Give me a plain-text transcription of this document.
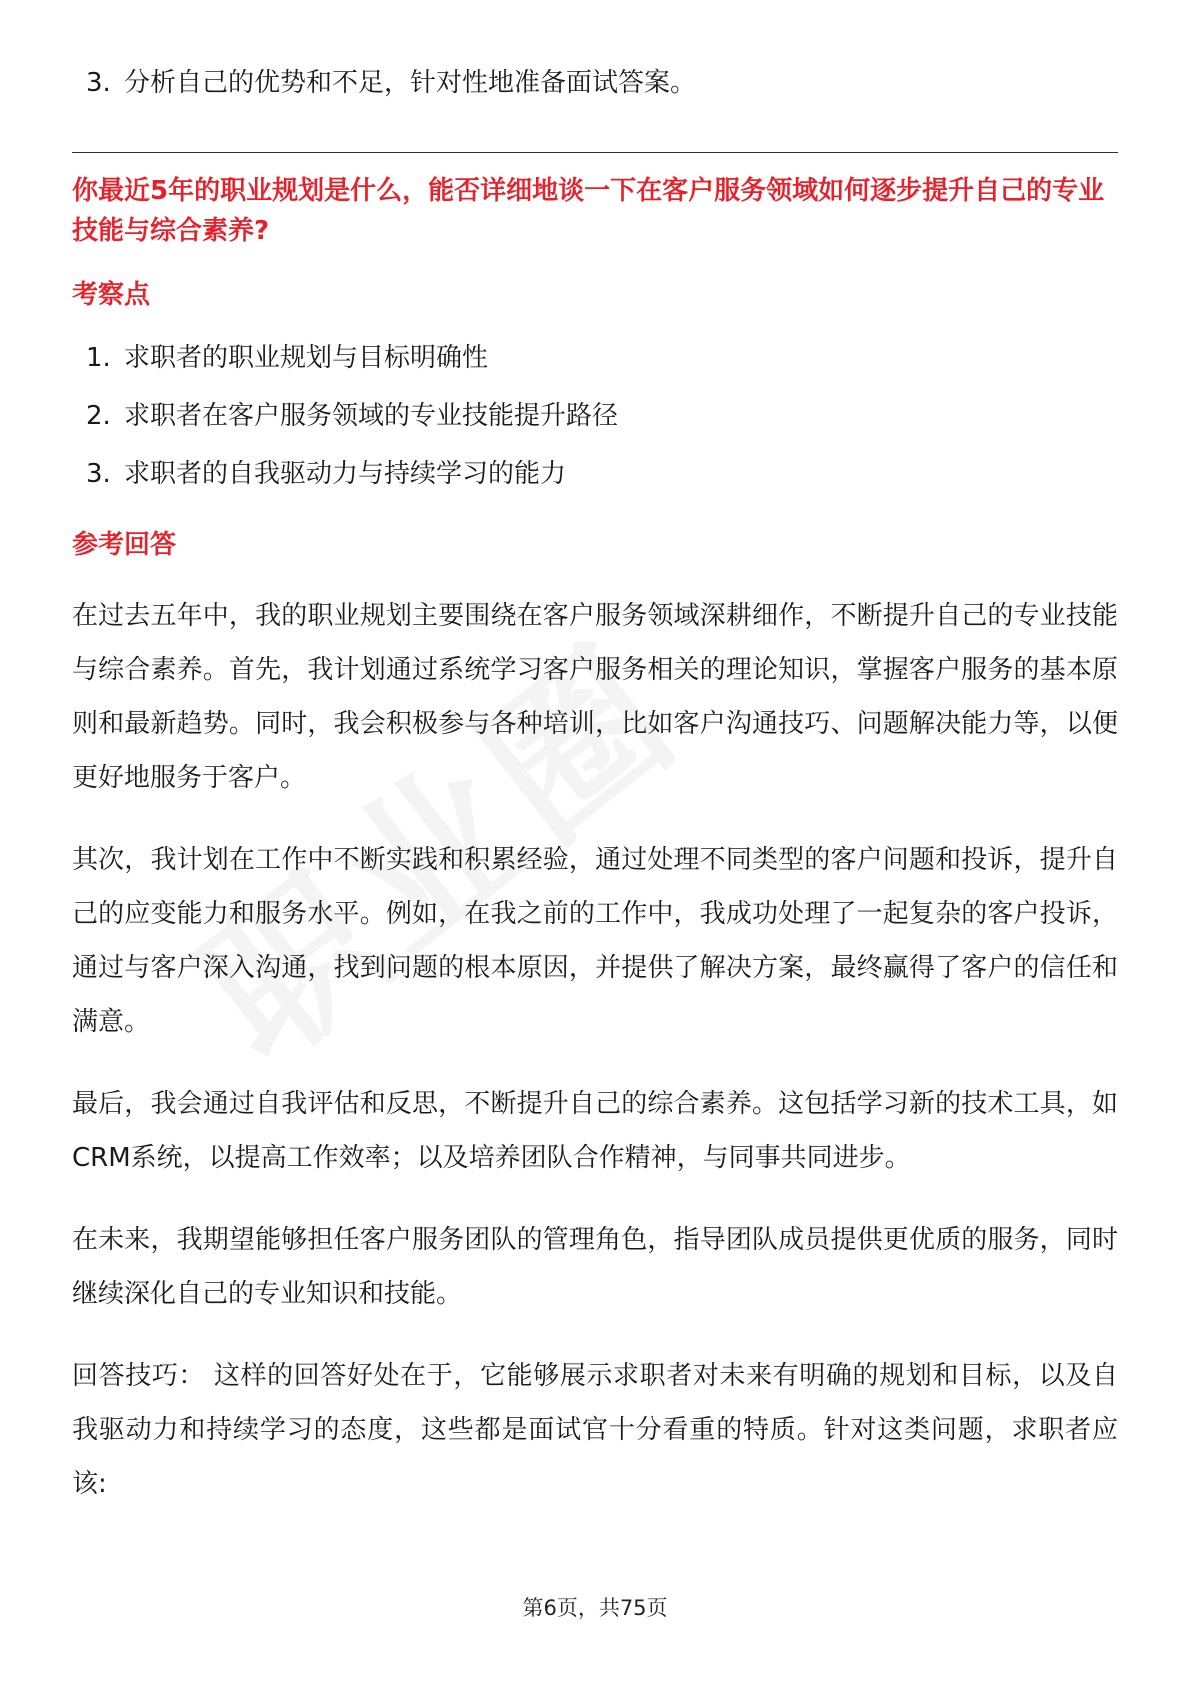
3. 分析自己的优势和不足，针对性地准备面试答案。

你最近5年的职业规划是什么，能否详细地谈一下在客户服务领域如何逐步提升自己的专业技能与综合素养?

考察点
1. 求职者的职业规划与目标明确性
2. 求职者在客户服务领域的专业技能提升路径
3. 求职者的自我驱动力与持续学习的能力
参考回答

在过去五年中，我的职业规划主要围绕在客户服务领域深耕细作，不断提升自己的专业技能与综合素养。首先，我计划通过系统学习客户服务相关的理论知识，掌握客户服务的基本原则和最新趋势。同时，我会积极参与各种培训，比如客户沟通技巧、问题解决能力等，以便更好地服务于客户。

其次，我计划在工作中不断实践和积累经验，通过处理不同类型的客户问题和投诉，提升自己的应变能力和服务水平。例如，在我之前的工作中，我成功处理了一起复杂的客户投诉，通过与客户深入沟通，找到问题的根本原因，并提供了解决方案，最终赢得了客户的信任和满意。

最后，我会通过自我评估和反思，不断提升自己的综合素养。这包括学习新的技术工具，如CRM系统，以提高工作效率；以及培养团队合作精神，与同事共同进步。

在未来，我期望能够担任客户服务团队的管理角色，指导团队成员提供更优质的服务，同时继续深化自己的专业知识和技能。

回答技巧： 这样的回答好处在于，它能够展示求职者对未来有明确的规划和目标，以及自我驱动力和持续学习的态度，这些都是面试官十分看重的特质。针对这类问题，求职者应该:

第6页，共75页
